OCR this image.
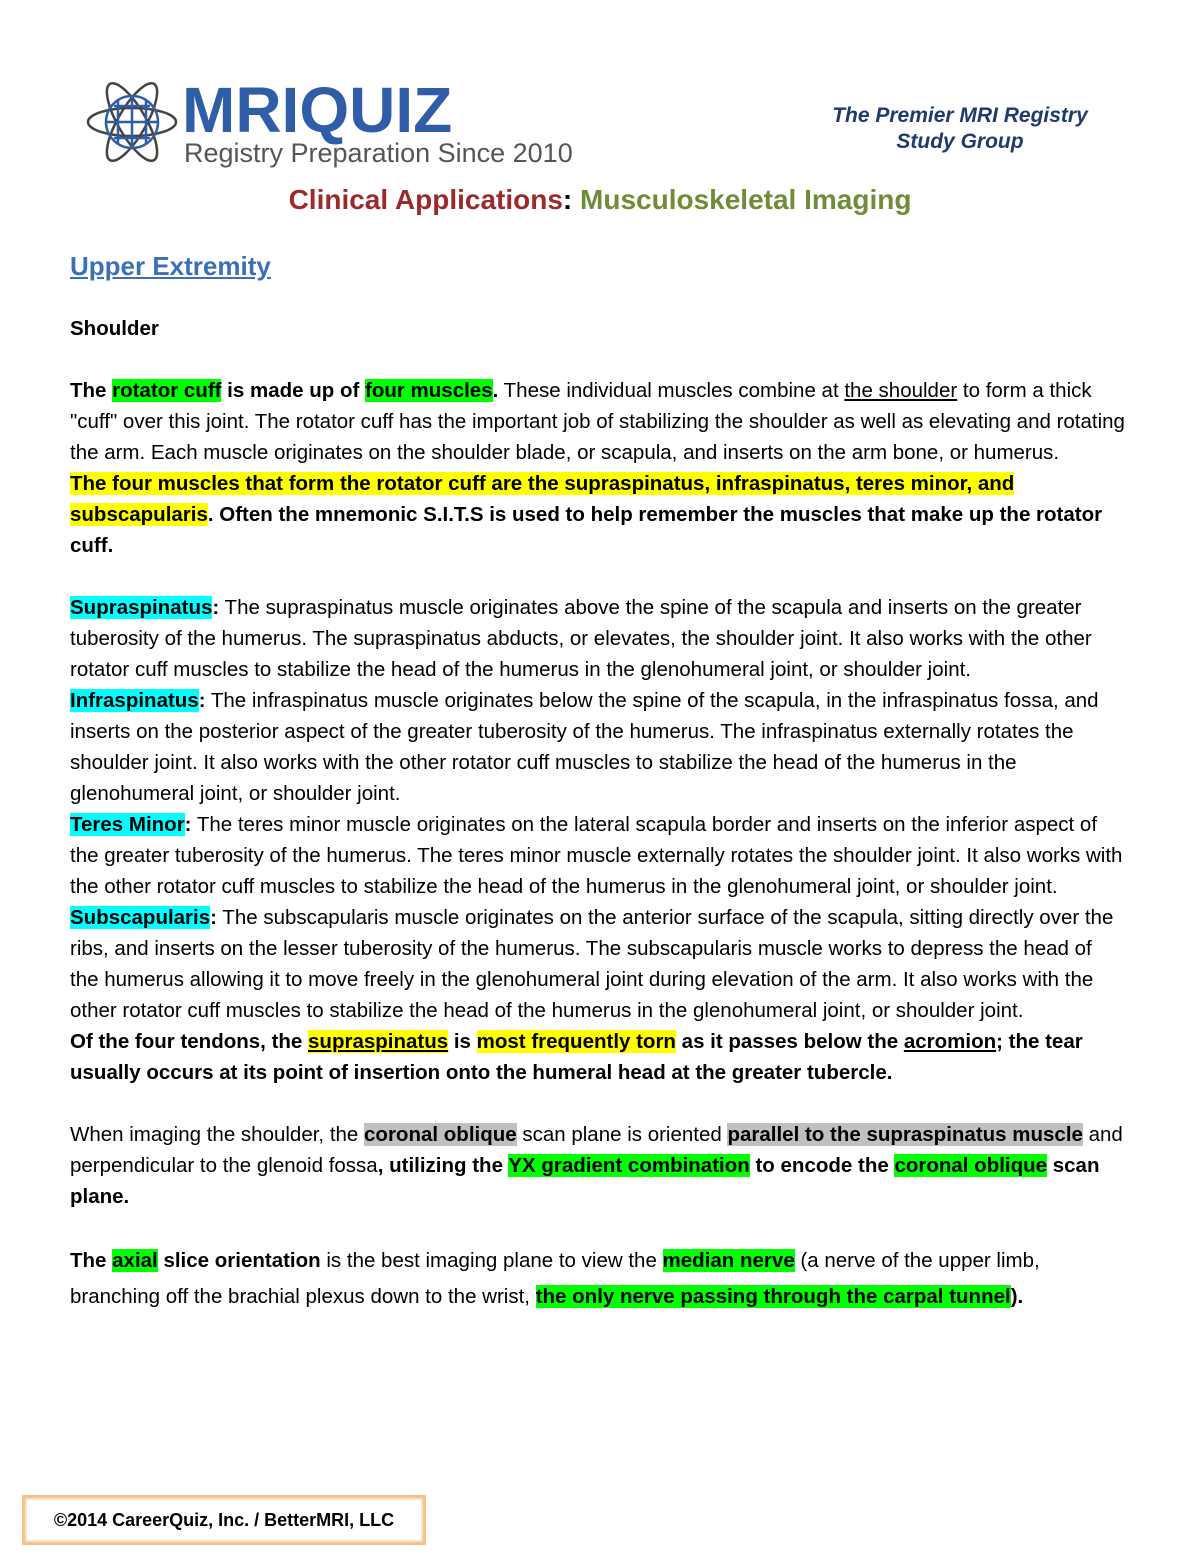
MRIQUIZ
Registry Preparation Since 2010
The Premier MRI Registry
Study Group
Clinical Applications: Musculoskeletal Imaging
Upper Extremity

Shoulder

The rotator cuff is made up of four muscles. These individual muscles combine at the shoulder to form a thick "cuff" over this joint. The rotator cuff has the important job of stabilizing the shoulder as well as elevating and rotating the arm. Each muscle originates on the shoulder blade, or scapula, and inserts on the arm bone, or humerus.

The four muscles that form the rotator cuff are the supraspinatus, infraspinatus, teres minor, and subscapularis. Often the mnemonic S.I.T.S is used to help remember the muscles that make up the rotator cuff.

Supraspinatus: The supraspinatus muscle originates above the spine of the scapula and inserts on the greater tuberosity of the humerus. The supraspinatus abducts, or elevates, the shoulder joint. It also works with the other rotator cuff muscles to stabilize the head of the humerus in the glenohumeral joint, or shoulder joint.

Infraspinatus: The infraspinatus muscle originates below the spine of the scapula, in the infraspinatus fossa, and inserts on the posterior aspect of the greater tuberosity of the humerus. The infraspinatus externally rotates the shoulder joint. It also works with the other rotator cuff muscles to stabilize the head of the humerus in the glenohumeral joint, or shoulder joint.

Teres Minor: The teres minor muscle originates on the lateral scapula border and inserts on the inferior aspect of the greater tuberosity of the humerus. The teres minor muscle externally rotates the shoulder joint. It also works with the other rotator cuff muscles to stabilize the head of the humerus in the glenohumeral joint, or shoulder joint.

Subscapularis: The subscapularis muscle originates on the anterior surface of the scapula, sitting directly over the ribs, and inserts on the lesser tuberosity of the humerus. The subscapularis muscle works to depress the head of the humerus allowing it to move freely in the glenohumeral joint during elevation of the arm. It also works with the other rotator cuff muscles to stabilize the head of the humerus in the glenohumeral joint, or shoulder joint.

Of the four tendons, the supraspinatus is most frequently torn as it passes below the acromion; the tear usually occurs at its point of insertion onto the humeral head at the greater tubercle.

When imaging the shoulder, the coronal oblique scan plane is oriented parallel to the supraspinatus muscle and perpendicular to the glenoid fossa, utilizing the YX gradient combination to encode the coronal oblique scan plane.

The axial slice orientation is the best imaging plane to view the median nerve (a nerve of the upper limb, branching off the brachial plexus down to the wrist, the only nerve passing through the carpal tunnel).

©2014 CareerQuiz, Inc. / BetterMRI, LLC
